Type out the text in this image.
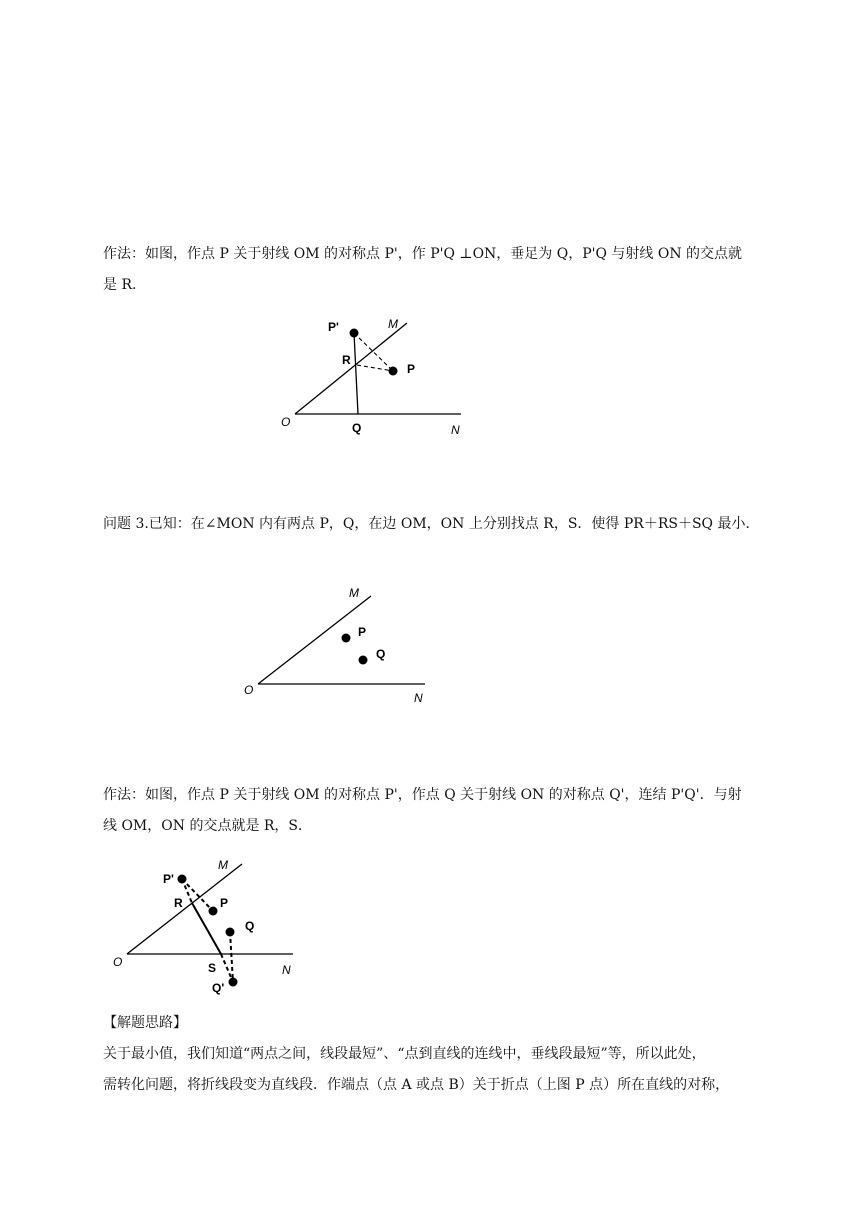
作法：如图，作点 P 关于射线 OM 的对称点 P'，作 P'Q ⊥ON，垂足为 Q，P'Q 与射线 ON 的交点就
是 R.
P'	M
R
P
O	Q	N
问题 3.已知：在∠MON 内有两点 P，Q，在边 OM，ON 上分别找点 R，S．使得 PR＋RS＋SQ 最小．
M
P
Q
O
N
作法：如图，作点 P 关于射线 OM 的对称点 P'，作点 Q 关于射线 ON 的对称点 Q'，连结 P'Q'．与射
线 OM，ON 的交点就是 R，S．
M
P'
R	P
Q
O	S	N
Q'
【解题思路】
关于最小值，我们知道“两点之间，线段最短”、“点到直线的连线中，垂线段最短”等，所以此处，
需转化问题，将折线段变为直线段．作端点（点 A 或点 B）关于折点（上图 P 点）所在直线的对称，
